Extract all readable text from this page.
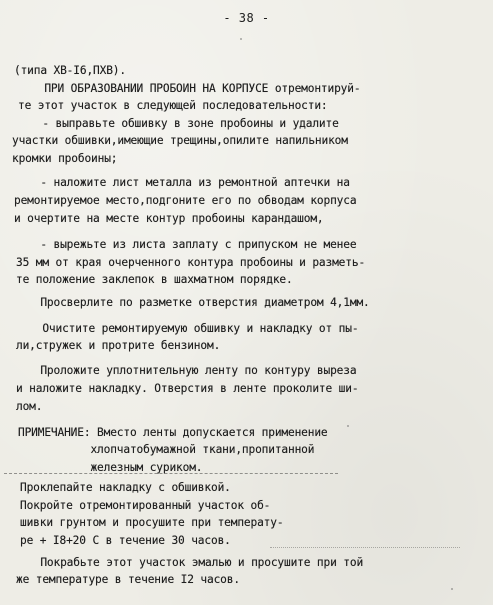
- 38 -
(типа ХВ-I6,ПХВ).
ПРИ ОБРАЗОВАНИИ ПРОБОИН НА КОРПУСЕ отремонтируй-
те этот участок в следующей последовательности:
- выправьте обшивку в зоне пробоины и удалите
участки обшивки,имеющие трещины,опилите напильником
кромки пробоины;
- наложите лист металла из ремонтной аптечки на
ремонтируемое место,подгоните его по обводам корпуса
и очертите на месте контур пробоины карандашом,
- вырежьте из листа заплату с припуском не менее
35 мм от края очерченного контура пробоины и разметь-
те положение заклепок в шахматном порядке.
Просверлите по разметке отверстия диаметром 4,1мм.
Очистите ремонтируемую обшивку и накладку от пы-
ли,стружек и протрите бензином.
Проложите уплотнительную ленту по контуру выреза
и наложите накладку. Отверстия в ленте проколите ши-
лом.
ПРИМЕЧАНИЕ: Вместо ленты допускается применение
хлопчатобумажной ткани,пропитанной
железным суриком.
Проклепайте накладку с обшивкой.
Покройте отремонтированный участок об-
шивки грунтом и просушите при температу-
ре + I8+20 С в течение 30 часов.
Покрабьте этот участок эмалью и просушите при той
же температуре в течение I2 часов.
